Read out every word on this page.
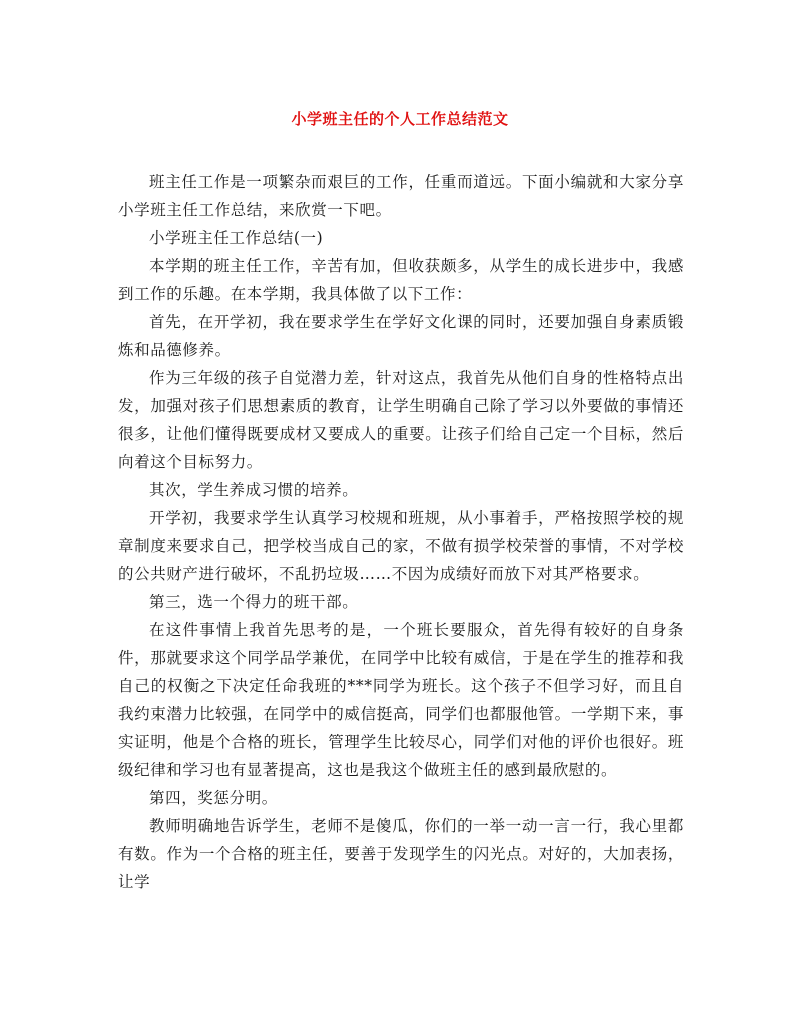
小学班主任的个人工作总结范文

班主任工作是一项繁杂而艰巨的工作，任重而道远。下面小编就和大家分享小学班主任工作总结，来欣赏一下吧。

小学班主任工作总结(一)

本学期的班主任工作，辛苦有加，但收获颇多，从学生的成长进步中，我感到工作的乐趣。在本学期，我具体做了以下工作：

首先，在开学初，我在要求学生在学好文化课的同时，还要加强自身素质锻炼和品德修养。

作为三年级的孩子自觉潜力差，针对这点，我首先从他们自身的性格特点出发，加强对孩子们思想素质的教育，让学生明确自己除了学习以外要做的事情还很多，让他们懂得既要成材又要成人的重要。让孩子们给自己定一个目标，然后向着这个目标努力。

其次，学生养成习惯的培养。

开学初，我要求学生认真学习校规和班规，从小事着手，严格按照学校的规章制度来要求自己，把学校当成自己的家，不做有损学校荣誉的事情，不对学校的公共财产进行破坏，不乱扔垃圾……不因为成绩好而放下对其严格要求。

第三，选一个得力的班干部。

在这件事情上我首先思考的是，一个班长要服众，首先得有较好的自身条件，那就要求这个同学品学兼优，在同学中比较有威信，于是在学生的推荐和我自己的权衡之下决定任命我班的***同学为班长。这个孩子不但学习好，而且自我约束潜力比较强，在同学中的威信挺高，同学们也都服他管。一学期下来，事实证明，他是个合格的班长，管理学生比较尽心，同学们对他的评价也很好。班级纪律和学习也有显著提高，这也是我这个做班主任的感到最欣慰的。

第四，奖惩分明。

教师明确地告诉学生，老师不是傻瓜，你们的一举一动一言一行，我心里都有数。作为一个合格的班主任，要善于发现学生的闪光点。对好的，大加表扬，让学
